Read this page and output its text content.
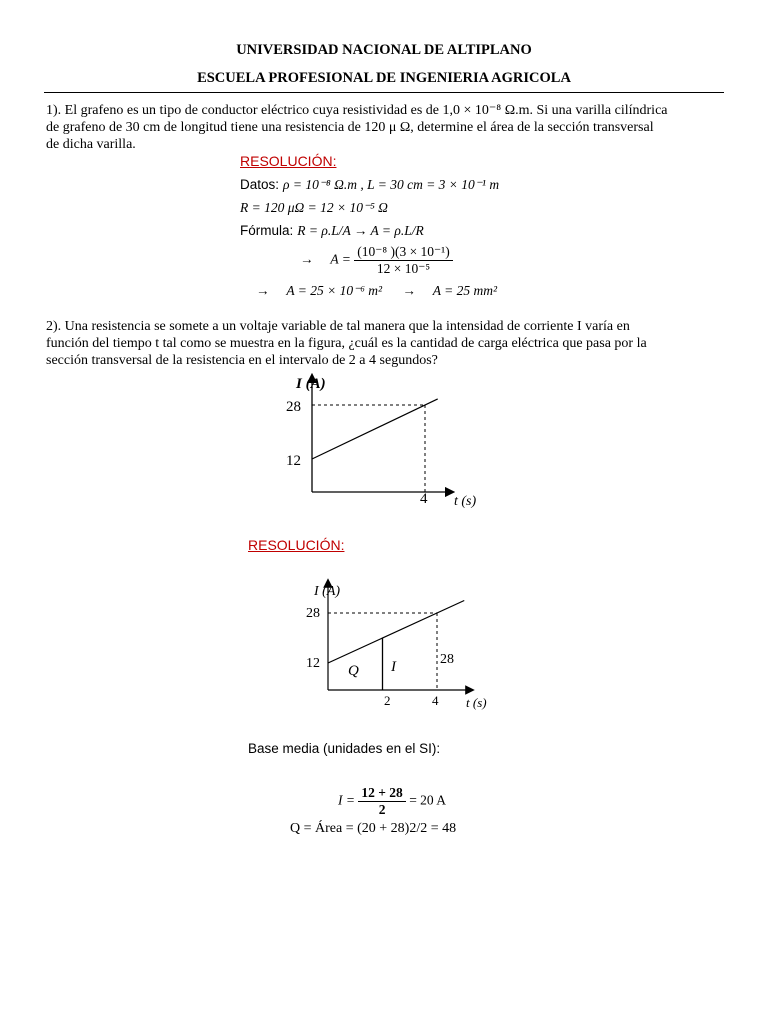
UNIVERSIDAD NACIONAL DE ALTIPLANO
ESCUELA PROFESIONAL DE INGENIERIA AGRICOLA
1). El grafeno es un tipo de conductor eléctrico cuya resistividad es de 1,0 × 10⁻⁸ Ω.m. Si una varilla cilíndrica
de grafeno de 30 cm de longitud tiene una resistencia de 120 μ Ω, determine el área de la sección transversal
de dicha varilla.
RESOLUCIÓN:
Datos: ρ = 10⁻⁸ Ω.m , L = 30 cm = 3 × 10⁻¹ m
R = 120 μΩ = 12 × 10⁻⁵ Ω
Fórmula: R = ρ.L/A → A = ρ.L/R
→ $A = \frac{\text{(10⁻⁸ )(3 × 10⁻¹)}}{\text{12 × 10⁻⁵}}$
→ A = 25 × 10⁻⁶ m² → A = 25 mm²
2). Una resistencia se somete a un voltaje variable de tal manera que la intensidad de corriente I varía en
función del tiempo t tal como se muestra en la figura, ¿cuál es la cantidad de carga eléctrica que pasa por la
sección transversal de la resistencia en el intervalo de 2 a 4 segundos?
I (A)
t (s)
28
12
4
RESOLUCIÓN:
I (A)
t (s)
28
12
2	4
Q I	28
Base media (unidades en el SI):
$I = \frac{12 + 28}{2} = 20$ A
Q = Área = (20 + 28)2/2 = 48
